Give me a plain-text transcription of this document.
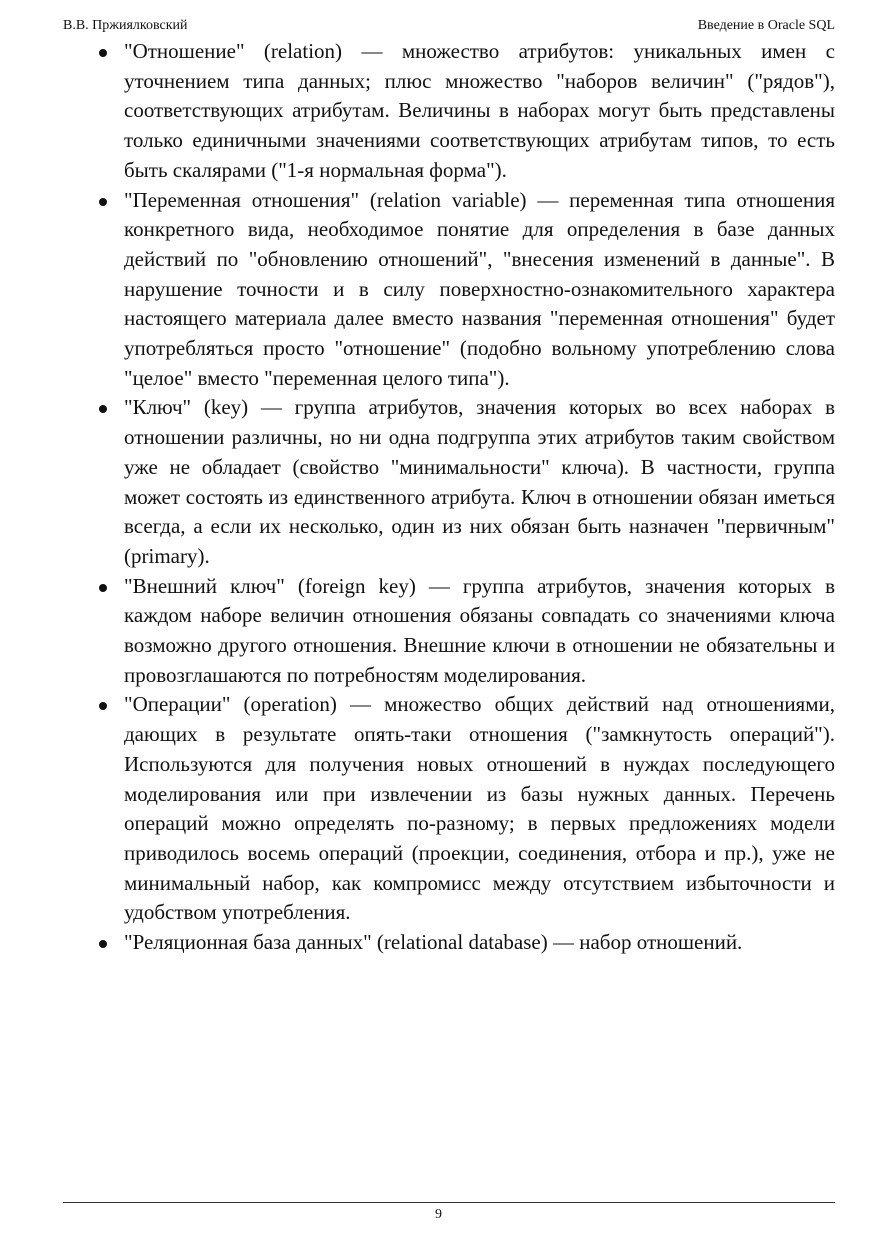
В.В. Пржиялковский	Введение в Oracle SQL
"Отношение" (relation) — множество атрибутов: уникальных имен с уточнением типа данных; плюс множество "наборов величин" ("рядов"), соответствующих атрибутам. Величины в наборах могут быть представлены только единичными значениями соответствующих атрибутам типов, то есть быть скалярами ("1-я нормальная форма").
"Переменная отношения" (relation variable) — переменная типа отношения конкретного вида, необходимое понятие для определения в базе данных действий по "обновлению отношений", "внесения изменений в данные". В нарушение точности и в силу поверхностно-ознакомительного характера настоящего материала далее вместо названия "переменная отношения" будет употребляться просто "отношение" (подобно вольному употреблению слова "целое" вместо "переменная целого типа").
"Ключ" (key) — группа атрибутов, значения которых во всех наборах в отношении различны, но ни одна подгруппа этих атрибутов таким свойством уже не обладает (свойство "минимальности" ключа). В частности, группа может состоять из единственного атрибута. Ключ в отношении обязан иметься всегда, а если их несколько, один из них обязан быть назначен "первичным" (primary).
"Внешний ключ" (foreign key) — группа атрибутов, значения которых в каждом наборе величин отношения обязаны совпадать со значениями ключа возможно другого отношения. Внешние ключи в отношении не обязательны и провозглашаются по потребностям моделирования.
"Операции" (operation) — множество общих действий над отношениями, дающих в результате опять-таки отношения ("замкнутость операций"). Используются для получения новых отношений в нуждах последующего моделирования или при извлечении из базы нужных данных. Перечень операций можно определять по-разному; в первых предложениях модели приводилось восемь операций (проекции, соединения, отбора и пр.), уже не минимальный набор, как компромисс между отсутствием избыточности и удобством употребления.
"Реляционная база данных" (relational database) — набор отношений.
9
